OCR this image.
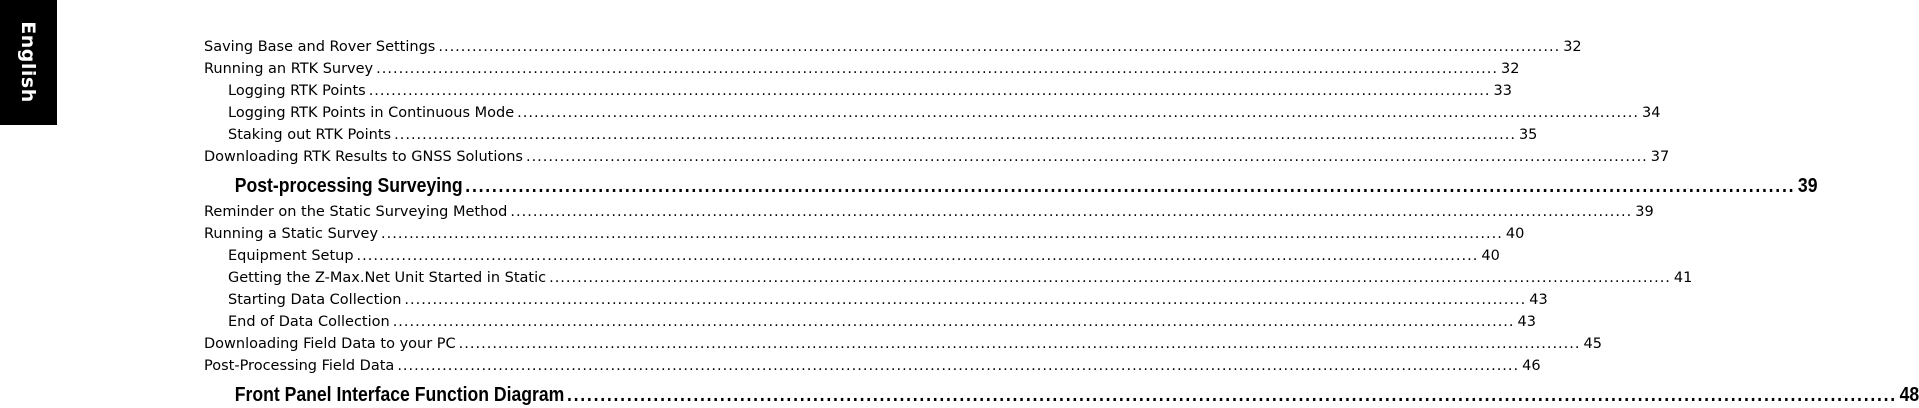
English	Saving Base and Rover Settings ........................................................................................................................................................................................................ 32
Running an RTK Survey ........................................................................................................................................................................................................ 32
Logging RTK Points ........................................................................................................................................................................................................ 33
Logging RTK Points in Continuous Mode ........................................................................................................................................................................................................ 34
Staking out RTK Points ........................................................................................................................................................................................................ 35
Downloading RTK Results to GNSS Solutions ........................................................................................................................................................................................................ 37
Post-processing Surveying ........................................................................................................................................................................................................ 39
Reminder on the Static Surveying Method ........................................................................................................................................................................................................ 39
Running a Static Survey ........................................................................................................................................................................................................ 40
Equipment Setup ........................................................................................................................................................................................................ 40
Getting the Z-Max.Net Unit Started in Static ........................................................................................................................................................................................................ 41
Starting Data Collection ........................................................................................................................................................................................................ 43
End of Data Collection ........................................................................................................................................................................................................ 43
Downloading Field Data to your PC ........................................................................................................................................................................................................ 45
Post-Processing Field Data ........................................................................................................................................................................................................ 46
Front Panel Interface Function Diagram ........................................................................................................................................................................................................ 48
